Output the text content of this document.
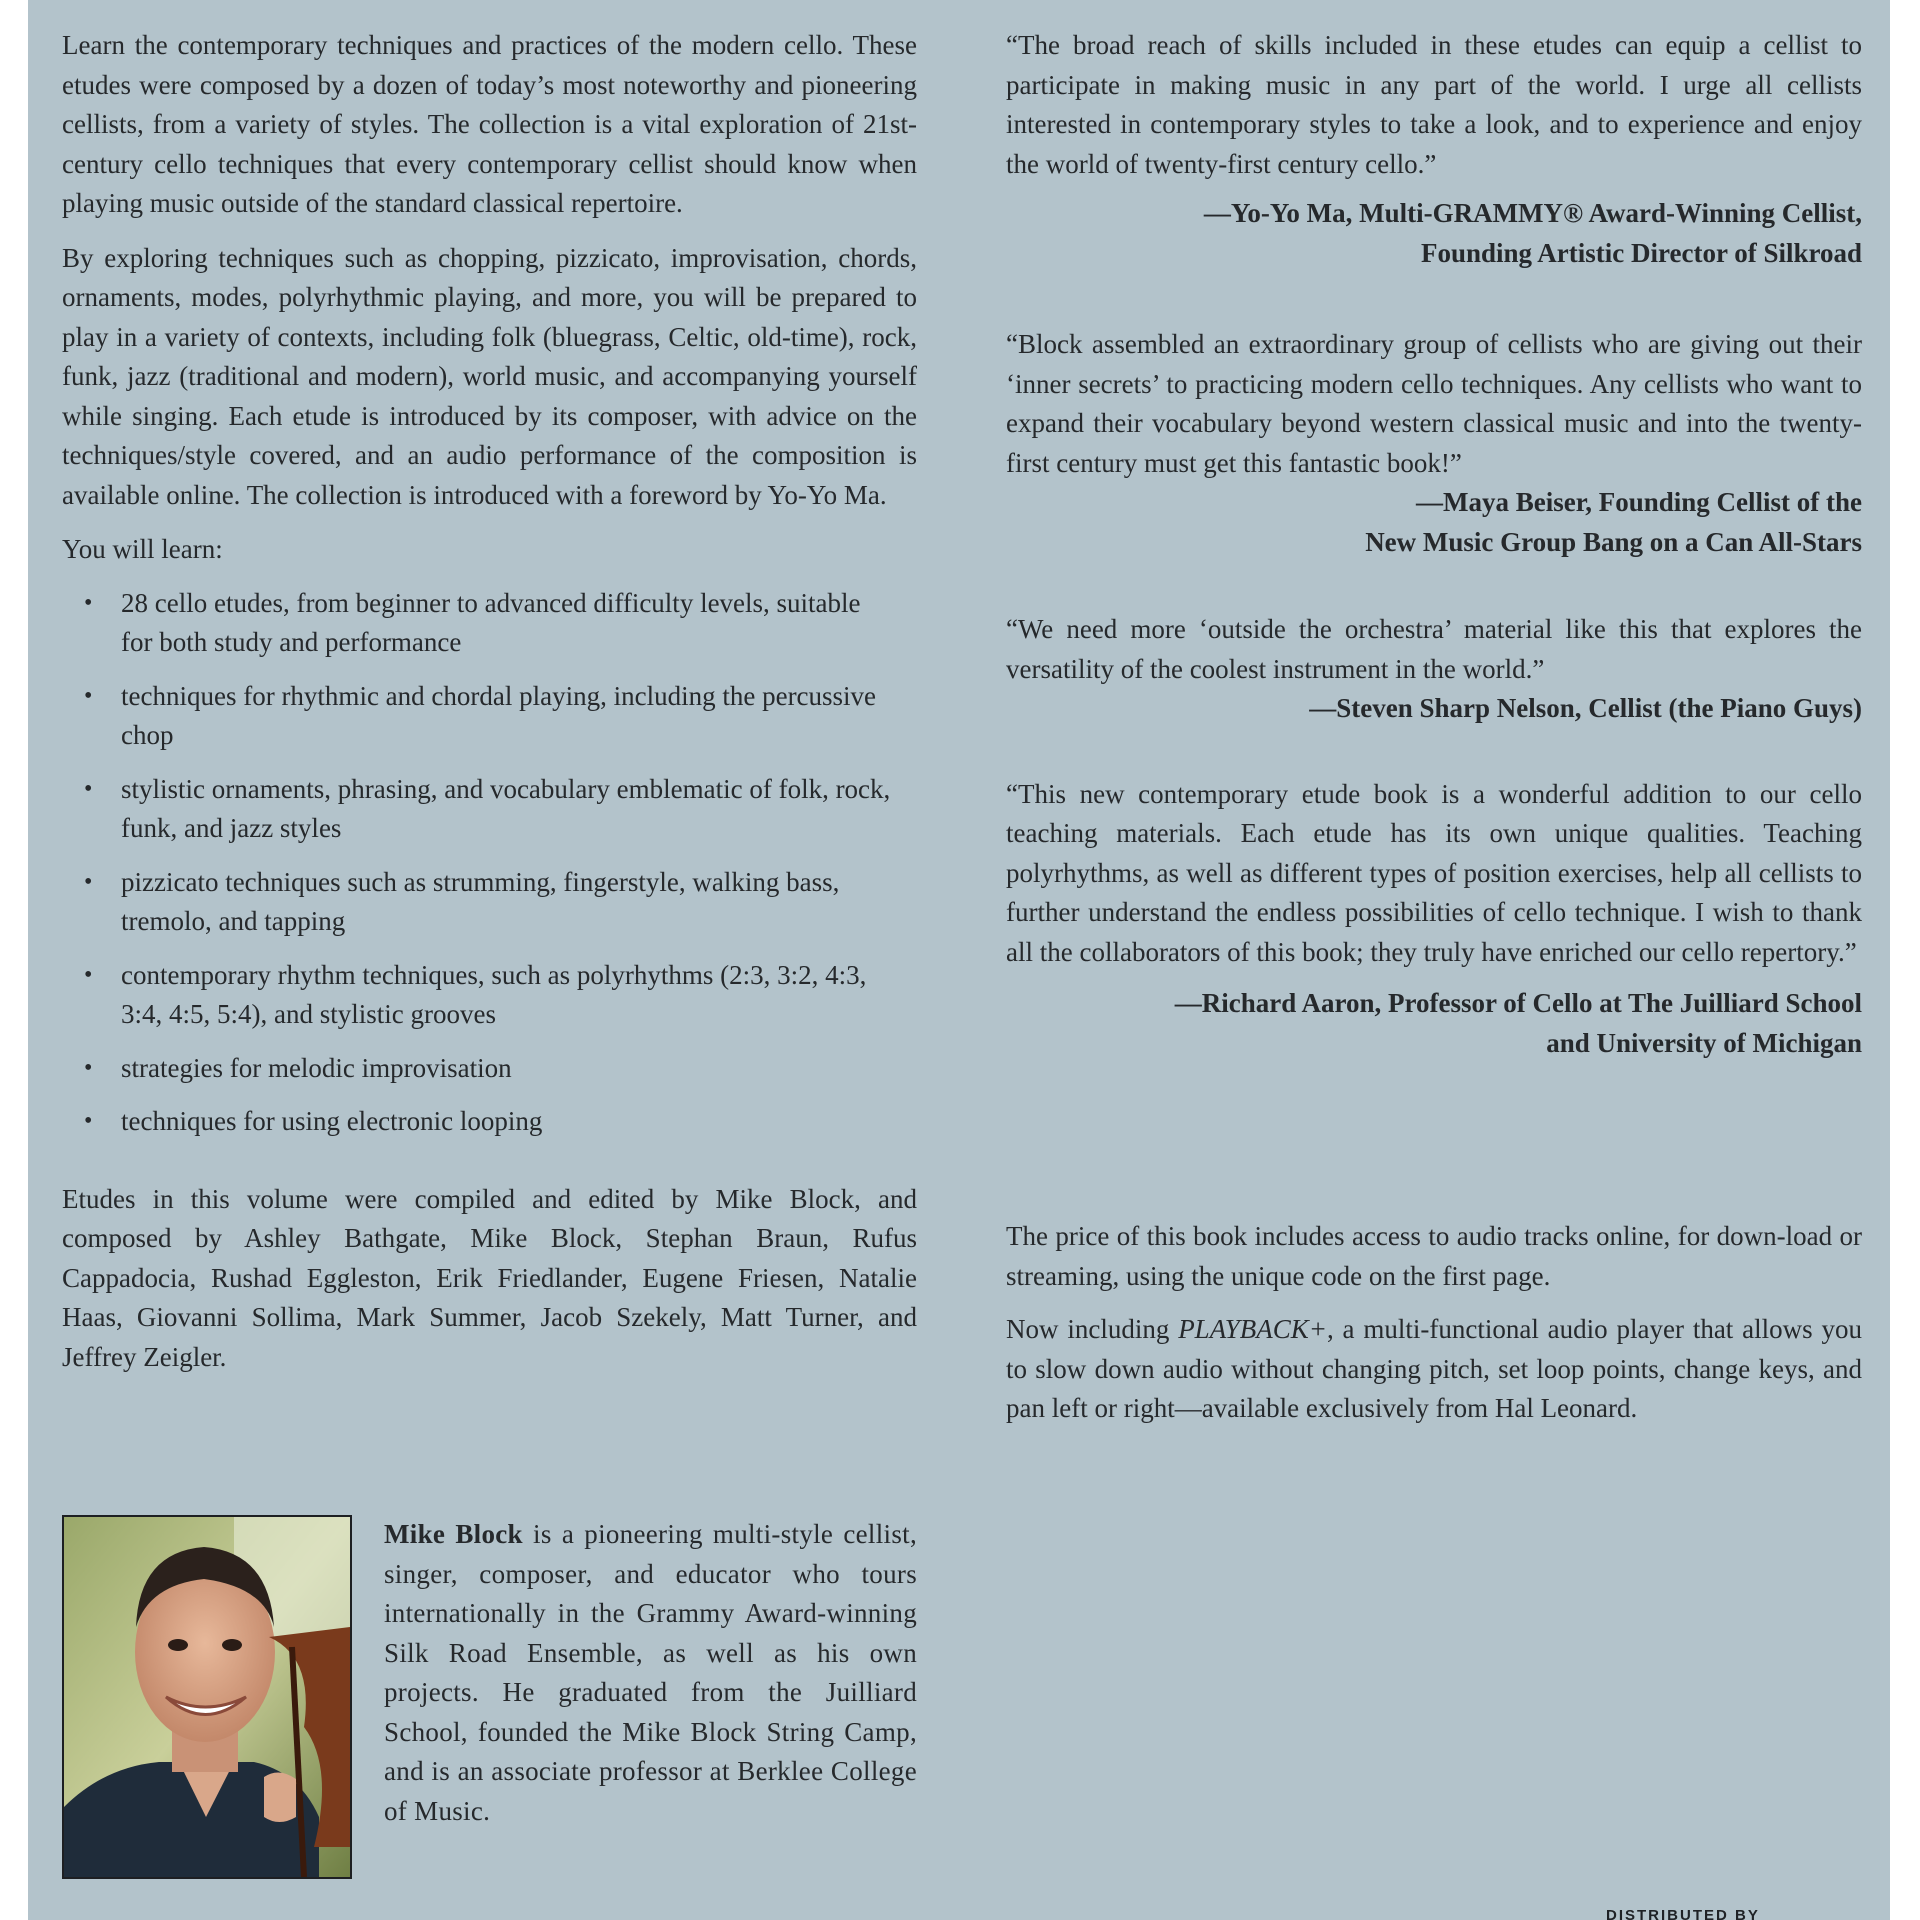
Learn the contemporary techniques and practices of the modern cello. These etudes were composed by a dozen of today’s most noteworthy and pioneering cellists, from a variety of styles. The collection is a vital exploration of 21st-century cello techniques that every contemporary cellist should know when playing music outside of the standard classical repertoire.

By exploring techniques such as chopping, pizzicato, improvisation, chords, ornaments, modes, polyrhythmic playing, and more, you will be prepared to play in a variety of contexts, including folk (bluegrass, Celtic, old-time), rock, funk, jazz (traditional and modern), world music, and accompanying yourself while singing. Each etude is introduced by its composer, with advice on the techniques/style covered, and an audio performance of the composition is available online. The collection is introduced with a foreword by Yo-Yo Ma.

You will learn:

• 28 cello etudes, from beginner to advanced difficulty levels, suitable for both study and performance
• techniques for rhythmic and chordal playing, including the percussive chop
• stylistic ornaments, phrasing, and vocabulary emblematic of folk, rock, funk, and jazz styles
• pizzicato techniques such as strumming, fingerstyle, walking bass, tremolo, and tapping
• contemporary rhythm techniques, such as polyrhythms (2:3, 3:2, 4:3, 3:4, 4:5, 5:4), and stylistic grooves
• strategies for melodic improvisation
• techniques for using electronic looping

Etudes in this volume were compiled and edited by Mike Block, and composed by Ashley Bathgate, Mike Block, Stephan Braun, Rufus Cappadocia, Rushad Eggleston, Erik Friedlander, Eugene Friesen, Natalie Haas, Giovanni Sollima, Mark Summer, Jacob Szekely, Matt Turner, and Jeffrey Zeigler.

Mike Block is a pioneering multi-style cellist, singer, composer, and educator who tours internationally in the Grammy Award-winning Silk Road Ensemble, as well as his own projects. He graduated from the Juilliard School, founded the Mike Block String Camp, and is an associate professor at Berklee College of Music.

“The broad reach of skills included in these etudes can equip a cellist to participate in making music in any part of the world. I urge all cellists interested in contemporary styles to take a look, and to experience and enjoy the world of twenty-first century cello.”

—Yo-Yo Ma, Multi-GRAMMY® Award-Winning Cellist,
Founding Artistic Director of Silkroad

“Block assembled an extraordinary group of cellists who are giving out their ‘inner secrets’ to practicing modern cello techniques. Any cellists who want to expand their vocabulary beyond western classical music and into the twenty-first century must get this fantastic book!”

—Maya Beiser, Founding Cellist of the
New Music Group Bang on a Can All-Stars

“We need more ‘outside the orchestra’ material like this that explores the versatility of the coolest instrument in the world.”

—Steven Sharp Nelson, Cellist (the Piano Guys)

“This new contemporary etude book is a wonderful addition to our cello teaching materials. Each etude has its own unique qualities. Teaching polyrhythms, as well as different types of position exercises, help all cellists to further understand the endless possibilities of cello technique. I wish to thank all the collaborators of this book; they truly have enriched our cello repertory.”

—Richard Aaron, Professor of Cello at The Juilliard School
and University of Michigan

The price of this book includes access to audio tracks online, for down-load or streaming, using the unique code on the first page.

Now including PLAYBACK+, a multi-functional audio player that allows you to slow down audio without changing pitch, set loop points, change keys, and pan left or right—available exclusively from Hal Leonard.

DISTRIBUTED BY
